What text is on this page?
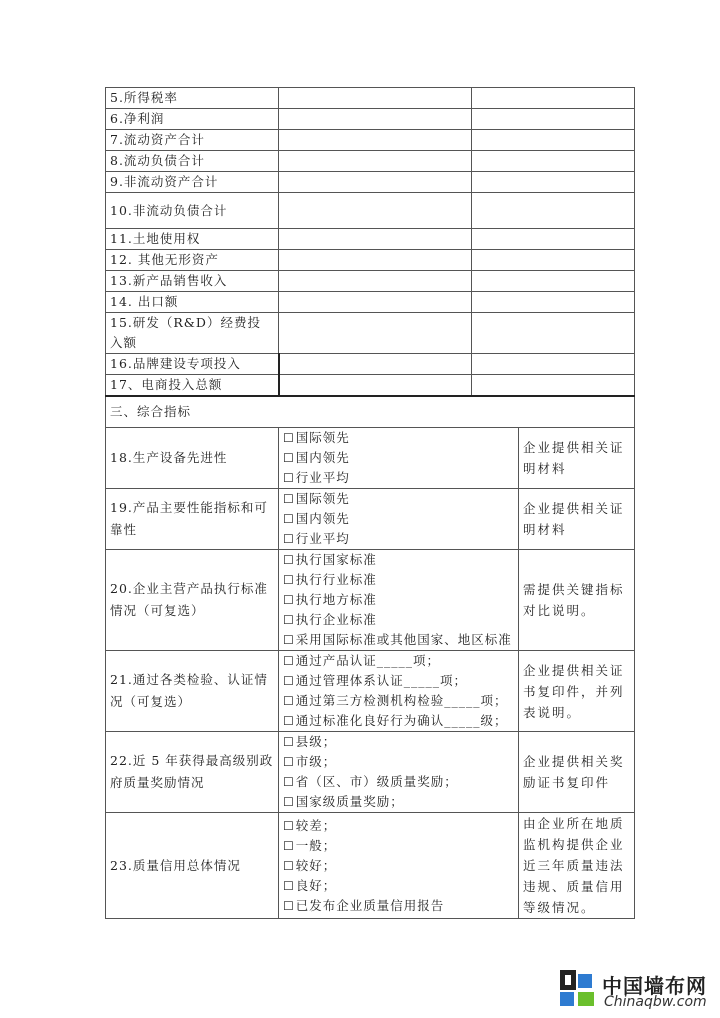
5.所得税率			
6.净利润			
7.流动资产合计			
8.流动负债合计			
9.非流动资产合计			
10.非流动负债合计			
11.土地使用权			
12. 其他无形资产			
13.新产品销售收入			
14. 出口额			
15.研发（R&D）经费投入额			
16.品牌建设专项投入			
17、电商投入总额			
三、综合指标			
18.生产设备先进性	☐ 国际领先
☐ 国内领先
☐ 行业平均		企业提供相关证明材料
19.产品主要性能指标和可靠性	☐ 国际领先
☐ 国内领先
☐ 行业平均		企业提供相关证明材料
20.企业主营产品执行标准情况（可复选）	☐ 执行国家标准
☐ 执行行业标准
☐ 执行地方标准
☐ 执行企业标准
☐ 采用国际标准或其他国家、地区标准		需提供关键指标对比说明。
21.通过各类检验、认证情况（可复选）	☐ 通过产品认证_____项；
☐ 通过管理体系认证_____项；
☐ 通过第三方检测机构检验_____项；
☐ 通过标准化良好行为确认_____级；		企业提供相关证书复印件，并列表说明。
22.近 5 年获得最高级别政府质量奖励情况	☐ 县级；
☐ 市级；
☐ 省（区、市）级质量奖励；
☐ 国家级质量奖励；		企业提供相关奖励证书复印件
23.质量信用总体情况	☐ 较差；
☐ 一般；
☐ 较好；
☐ 良好；
☐ 已发布企业质量信用报告		由企业所在地质监机构提供企业近三年质量违法违规、质量信用等级情况。
中国墙布网
Chinaqbw.com
